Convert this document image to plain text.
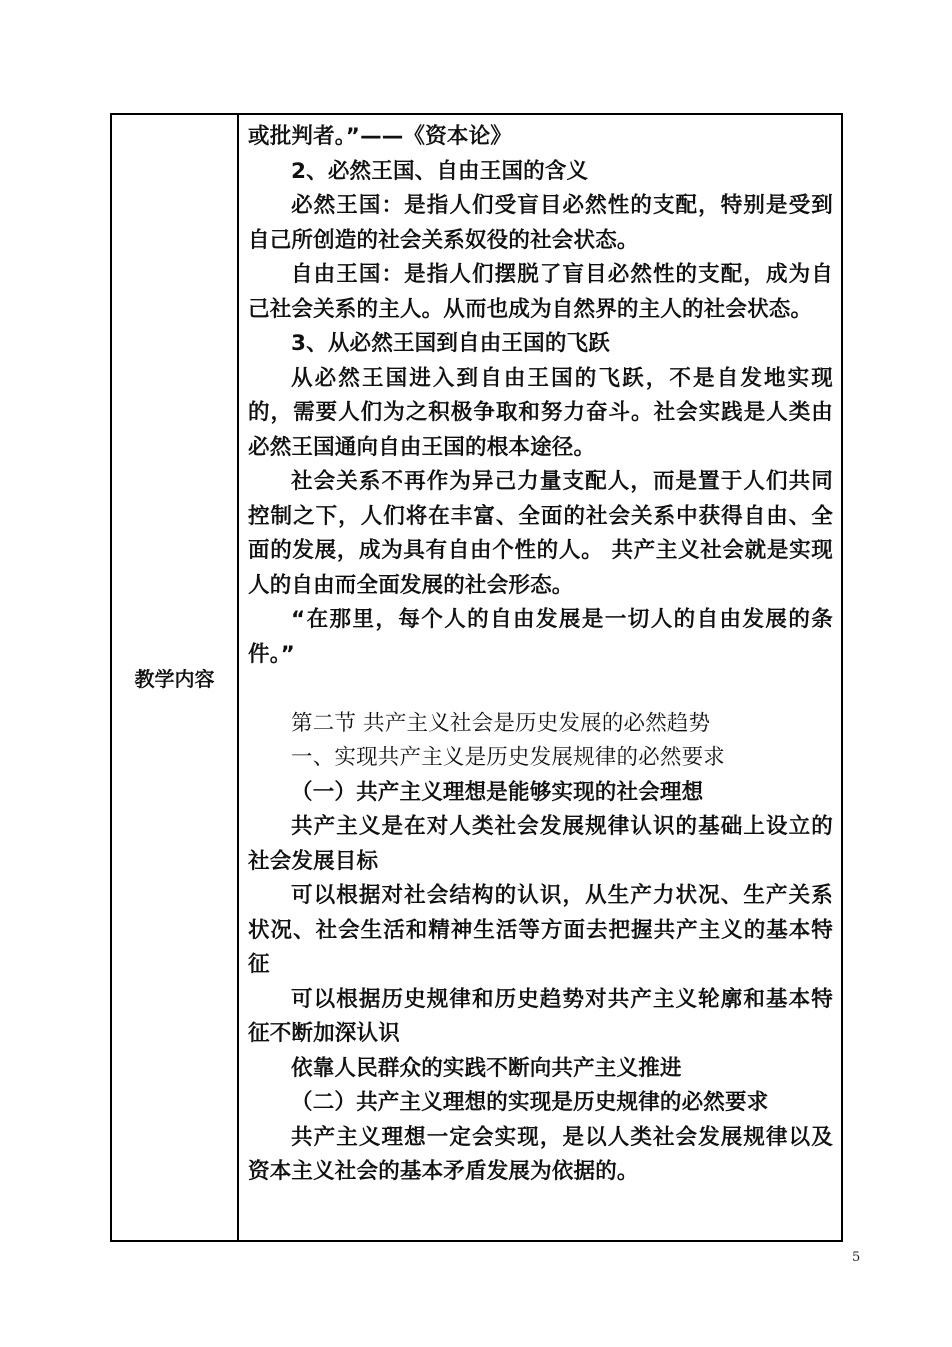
教学内容

或批判者。”——《资本论》

2、必然王国、自由王国的含义

必然王国：是指人们受盲目必然性的支配，特别是受到自己所创造的社会关系奴役的社会状态。

自由王国：是指人们摆脱了盲目必然性的支配，成为自己社会关系的主人。从而也成为自然界的主人的社会状态。

3、从必然王国到自由王国的飞跃

从必然王国进入到自由王国的飞跃，不是自发地实现的，需要人们为之积极争取和努力奋斗。社会实践是人类由必然王国通向自由王国的根本途径。

社会关系不再作为异己力量支配人，而是置于人们共同控制之下，人们将在丰富、全面的社会关系中获得自由、全面的发展，成为具有自由个性的人。 共产主义社会就是实现人的自由而全面发展的社会形态。

“在那里，每个人的自由发展是一切人的自由发展的条件。”

第二节 共产主义社会是历史发展的必然趋势

一、实现共产主义是历史发展规律的必然要求

（一）共产主义理想是能够实现的社会理想

共产主义是在对人类社会发展规律认识的基础上设立的社会发展目标

可以根据对社会结构的认识，从生产力状况、生产关系状况、社会生活和精神生活等方面去把握共产主义的基本特征

可以根据历史规律和历史趋势对共产主义轮廓和基本特征不断加深认识

依靠人民群众的实践不断向共产主义推进

（二）共产主义理想的实现是历史规律的必然要求

共产主义理想一定会实现，是以人类社会发展规律以及资本主义社会的基本矛盾发展为依据的。

5
